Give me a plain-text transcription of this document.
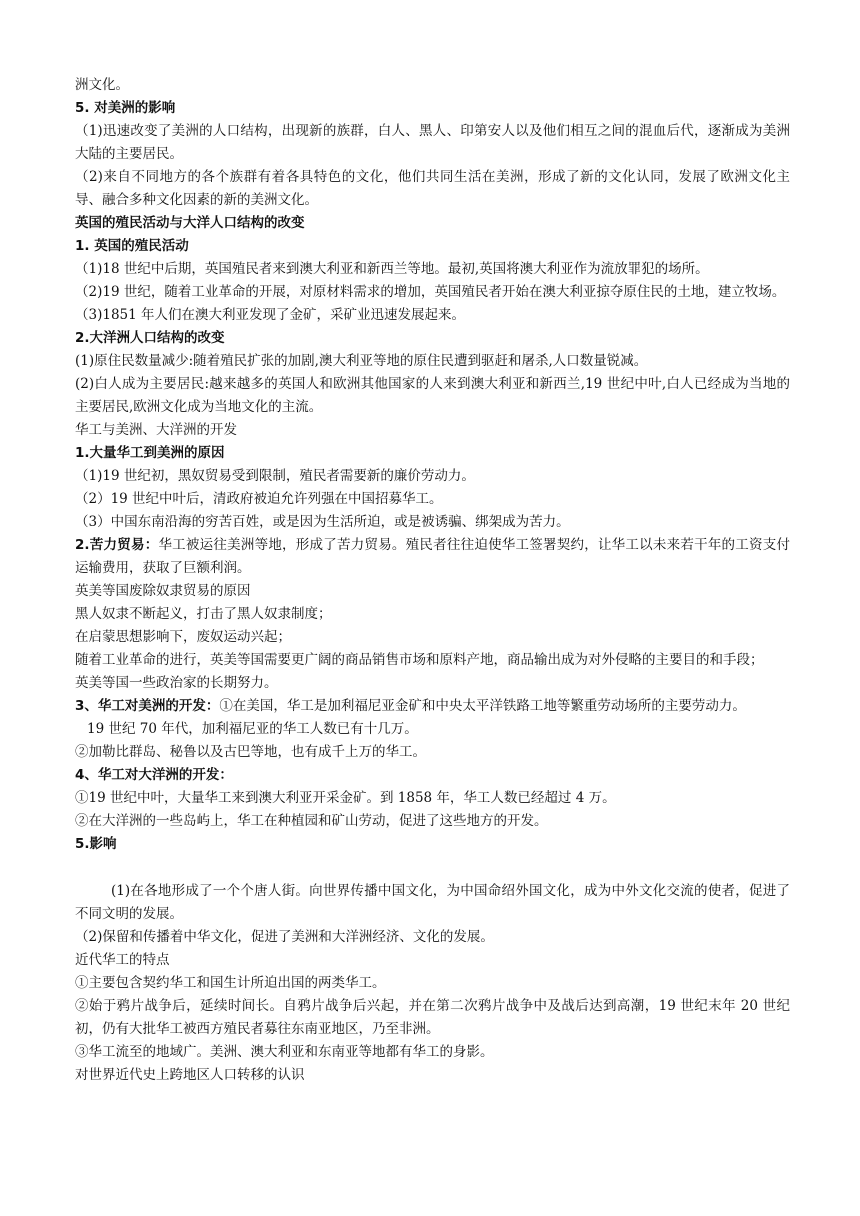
洲文化。

5. 对美洲的影响

（1)迅速改变了美洲的人口结构，出现新的族群，白人、黑人、印第安人以及他们相互之间的混血后代，逐渐成为美洲大陆的主要居民。

（2)来自不同地方的各个族群有着各具特色的文化，他们共同生活在美洲，形成了新的文化认同，发展了欧洲文化主导、融合多种文化因素的新的美洲文化。

英国的殖民活动与大洋人口结构的改变

1. 英国的殖民活动

（1)18 世纪中后期，英国殖民者来到澳大利亚和新西兰等地。最初,英国将澳大利亚作为流放罪犯的场所。

（2)19 世纪，随着工业革命的开展，对原材料需求的增加，英国殖民者开始在澳大利亚掠夺原住民的土地，建立牧场。

（3)1851 年人们在澳大利亚发现了金矿，采矿业迅速发展起来。

2.大洋洲人口结构的改变

(1)原住民数量减少:随着殖民扩张的加剧,澳大利亚等地的原住民遭到驱赶和屠杀,人口数量锐减。

(2)白人成为主要居民:越来越多的英国人和欧洲其他国家的人来到澳大利亚和新西兰,19 世纪中叶,白人已经成为当地的主要居民,欧洲文化成为当地文化的主流。

华工与美洲、大洋洲的开发

1.大量华工到美洲的原因

（1)19 世纪初，黑奴贸易受到限制，殖民者需要新的廉价劳动力。

（2）19 世纪中叶后，清政府被迫允许列强在中国招募华工。

（3）中国东南沿海的穷苦百姓，或是因为生活所迫，或是被诱骗、绑架成为苦力。

2.苦力贸易：华工被运往美洲等地，形成了苦力贸易。殖民者往往迫使华工签署契约，让华工以未来若干年的工资支付运输费用，获取了巨额利润。

英美等国废除奴隶贸易的原因

黑人奴隶不断起义，打击了黑人奴隶制度；

在启蒙思想影响下，废奴运动兴起；

随着工业革命的进行，英美等国需要更广阔的商品销售市场和原料产地，商品输出成为对外侵略的主要目的和手段；

英美等国一些政治家的长期努力。

3、华工对美洲的开发：①在美国，华工是加利福尼亚金矿和中央太平洋铁路工地等繁重劳动场所的主要劳动力。

19 世纪 70 年代，加利福尼亚的华工人数已有十几万。

②加勒比群岛、秘鲁以及古巴等地，也有成千上万的华工。

4、华工对大洋洲的开发：

①19 世纪中叶，大量华工来到澳大利亚开采金矿。到 1858 年，华工人数已经超过 4 万。

②在大洋洲的一些岛屿上，华工在种植园和矿山劳动，促进了这些地方的开发。

5.影响

(1)在各地形成了一个个唐人街。向世界传播中国文化，为中国命绍外国文化，成为中外文化交流的使者，促进了不同文明的发展。

（2)保留和传播着中华文化，促进了美洲和大洋洲经济、文化的发展。

近代华工的特点

①主要包含契约华工和国生计所迫出国的两类华工。

②始于鸦片战争后，延续时间长。自鸦片战争后兴起，并在第二次鸦片战争中及战后达到高潮，19 世纪末年 20 世纪初，仍有大批华工被西方殖民者募往东南亚地区，乃至非洲。

③华工流至的地域广。美洲、澳大利亚和东南亚等地都有华工的身影。

对世界近代史上跨地区人口转移的认识
